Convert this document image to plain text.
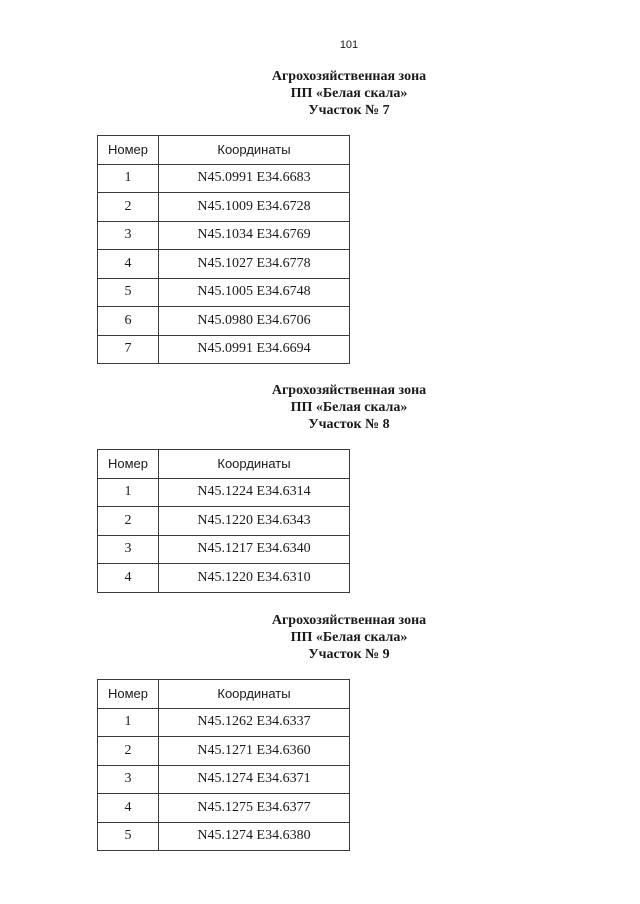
101
Агрохозяйственная зона
ПП «Белая скала»
Участок № 7
Номер	Координаты
1	N45.0991 E34.6683
2	N45.1009 E34.6728
3	N45.1034 E34.6769
4	N45.1027 E34.6778
5	N45.1005 E34.6748
6	N45.0980 E34.6706
7	N45.0991 E34.6694
Агрохозяйственная зона
ПП «Белая скала»
Участок № 8
Номер	Координаты
1	N45.1224 E34.6314
2	N45.1220 E34.6343
3	N45.1217 E34.6340
4	N45.1220 E34.6310
Агрохозяйственная зона
ПП «Белая скала»
Участок № 9
Номер	Координаты
1	N45.1262 E34.6337
2	N45.1271 E34.6360
3	N45.1274 E34.6371
4	N45.1275 E34.6377
5	N45.1274 E34.6380
